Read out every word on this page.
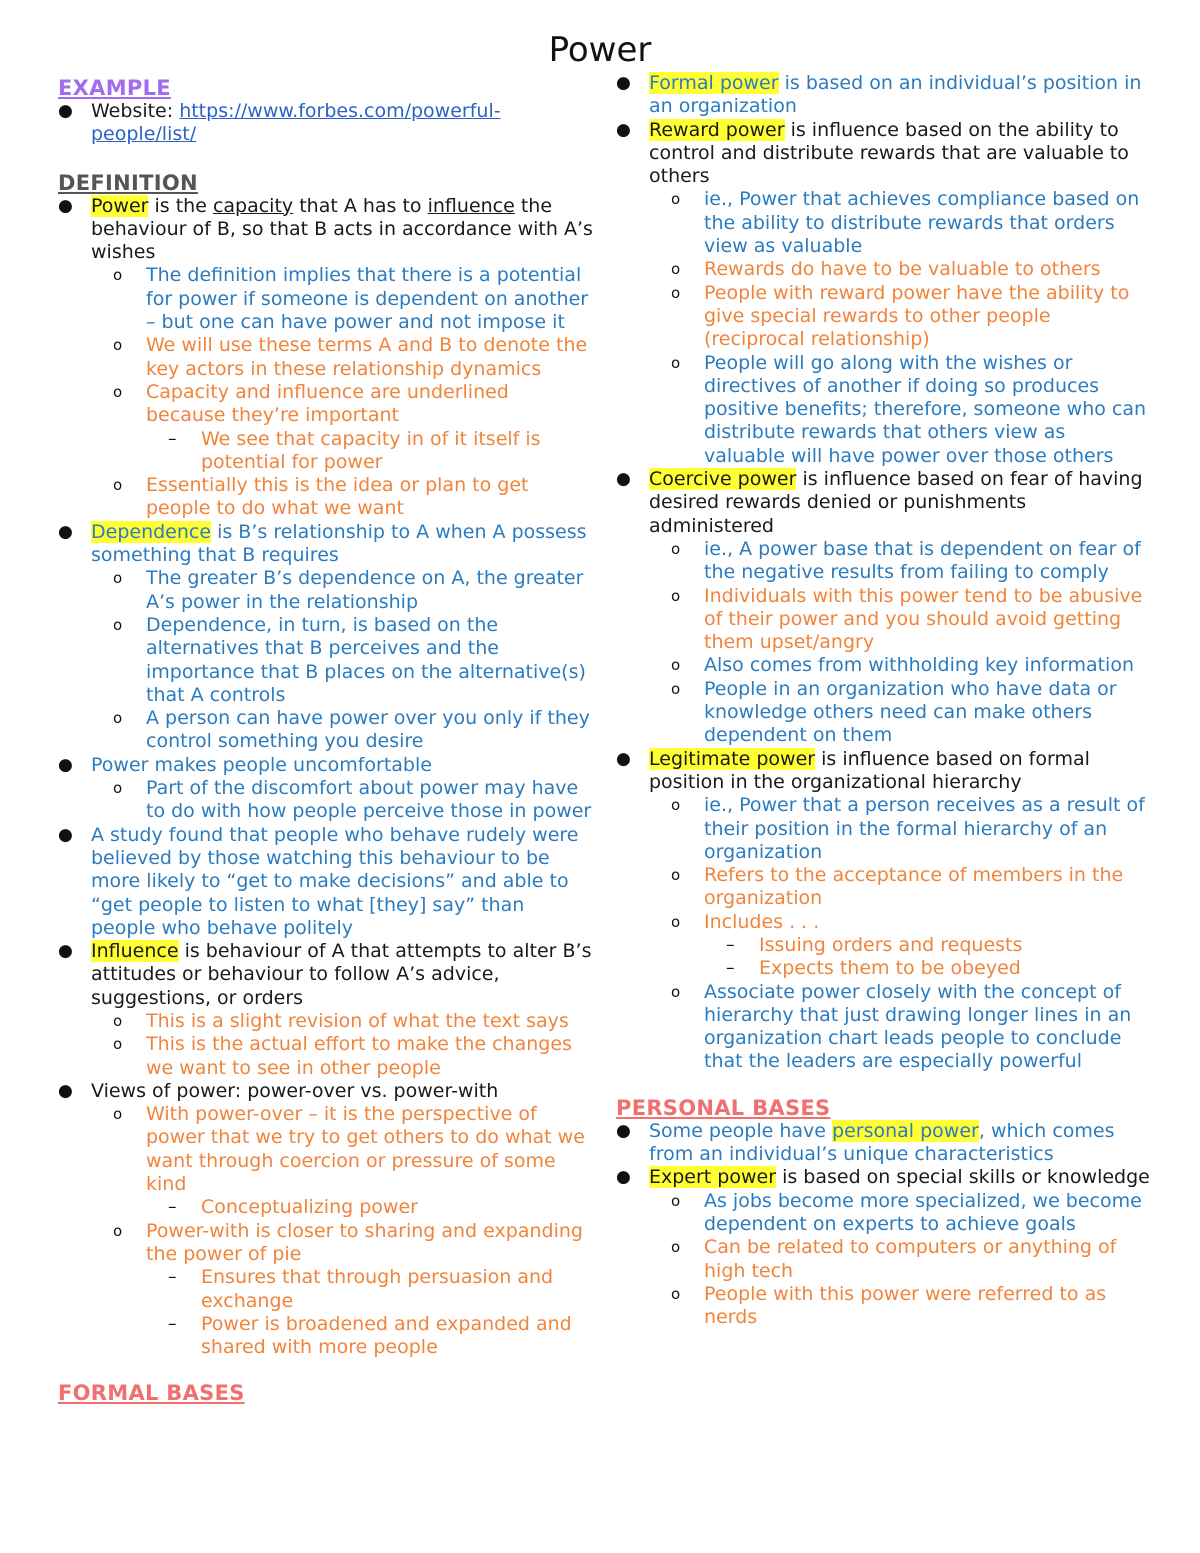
Power
EXAMPLE
● Website: https://www.forbes.com/powerful-people/list/
DEFINITION
● Power is the capacity that A has to influence the behaviour of B, so that B acts in accordance with A’s wishes
o The definition implies that there is a potential for power if someone is dependent on another – but one can have power and not impose it
o We will use these terms A and B to denote the key actors in these relationship dynamics
o Capacity and influence are underlined because they’re important
– We see that capacity in of it itself is potential for power
o Essentially this is the idea or plan to get people to do what we want
● Dependence is B’s relationship to A when A possess something that B requires
o The greater B’s dependence on A, the greater A’s power in the relationship
o Dependence, in turn, is based on the alternatives that B perceives and the importance that B places on the alternative(s) that A controls
o A person can have power over you only if they control something you desire
● Power makes people uncomfortable
o Part of the discomfort about power may have to do with how people perceive those in power
● A study found that people who behave rudely were believed by those watching this behaviour to be more likely to “get to make decisions” and able to “get people to listen to what [they] say” than people who behave politely
● Influence is behaviour of A that attempts to alter B’s attitudes or behaviour to follow A’s advice, suggestions, or orders
o This is a slight revision of what the text says
o This is the actual effort to make the changes we want to see in other people
● Views of power: power-over vs. power-with
o With power-over – it is the perspective of power that we try to get others to do what we want through coercion or pressure of some kind
– Conceptualizing power
o Power-with is closer to sharing and expanding the power of pie
– Ensures that through persuasion and exchange
– Power is broadened and expanded and shared with more people
FORMAL BASES
● Formal power is based on an individual’s position in an organization
● Reward power is influence based on the ability to control and distribute rewards that are valuable to others
o ie., Power that achieves compliance based on the ability to distribute rewards that orders view as valuable
o Rewards do have to be valuable to others
o People with reward power have the ability to give special rewards to other people (reciprocal relationship)
o People will go along with the wishes or directives of another if doing so produces positive benefits; therefore, someone who can distribute rewards that others view as valuable will have power over those others
● Coercive power is influence based on fear of having desired rewards denied or punishments administered
o ie., A power base that is dependent on fear of the negative results from failing to comply
o Individuals with this power tend to be abusive of their power and you should avoid getting them upset/angry
o Also comes from withholding key information
o People in an organization who have data or knowledge others need can make others dependent on them
● Legitimate power is influence based on formal position in the organizational hierarchy
o ie., Power that a person receives as a result of their position in the formal hierarchy of an organization
o Refers to the acceptance of members in the organization
o Includes . . .
– Issuing orders and requests
– Expects them to be obeyed
o Associate power closely with the concept of hierarchy that just drawing longer lines in an organization chart leads people to conclude that the leaders are especially powerful
PERSONAL BASES
● Some people have personal power, which comes from an individual’s unique characteristics
● Expert power is based on special skills or knowledge
o As jobs become more specialized, we become dependent on experts to achieve goals
o Can be related to computers or anything of high tech
o People with this power were referred to as nerds
